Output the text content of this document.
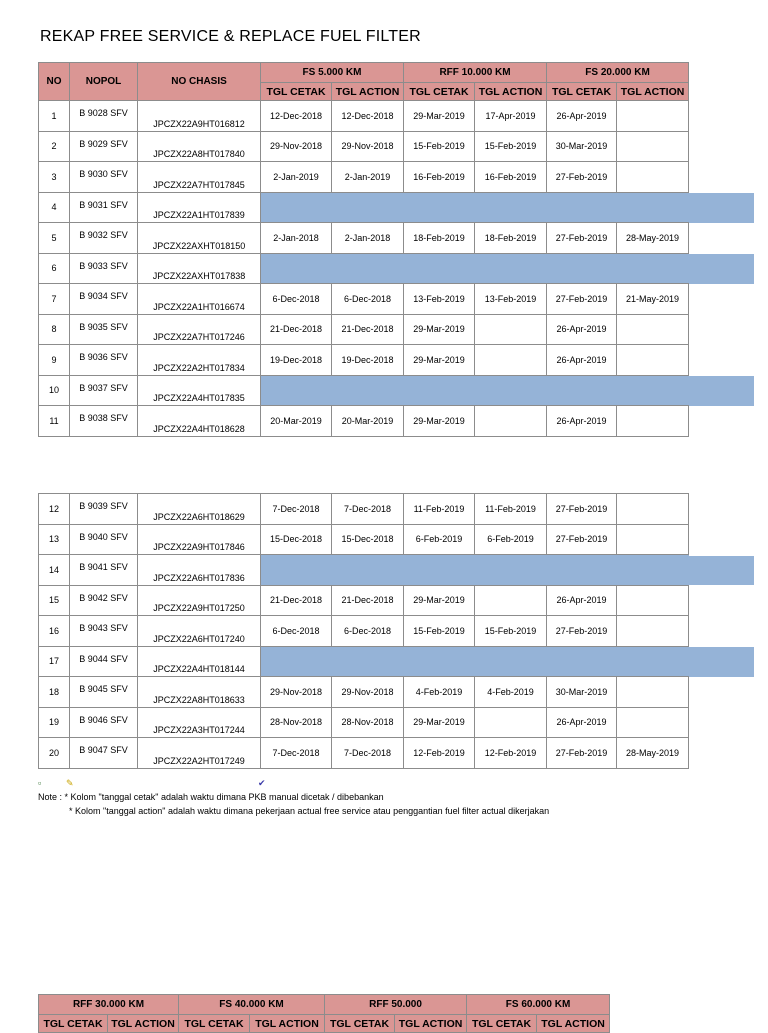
REKAP FREE SERVICE & REPLACE FUEL FILTER
NO	NOPOL	NO CHASIS	FS 5.000 KM		RFF 10.000 KM		FS 20.000 KM	
			TGL CETAK	TGL ACTION	TGL CETAK	TGL ACTION	TGL CETAK	TGL ACTION
1	B 9028 SFV	JPCZX22A9HT016812	12-Dec-2018	12-Dec-2018	29-Mar-2019	17-Apr-2019	26-Apr-2019	
2	B 9029 SFV	JPCZX22A8HT017840	29-Nov-2018	29-Nov-2018	15-Feb-2019	15-Feb-2019	30-Mar-2019	
3	B 9030 SFV	JPCZX22A7HT017845	2-Jan-2019	2-Jan-2019	16-Feb-2019	16-Feb-2019	27-Feb-2019	
4	B 9031 SFV	JPCZX22A1HT017839						
5	B 9032 SFV	JPCZX22AXHT018150	2-Jan-2018	2-Jan-2018	18-Feb-2019	18-Feb-2019	27-Feb-2019	28-May-2019
6	B 9033 SFV	JPCZX22AXHT017838						
7	B 9034 SFV	JPCZX22A1HT016674	6-Dec-2018	6-Dec-2018	13-Feb-2019	13-Feb-2019	27-Feb-2019	21-May-2019
8	B 9035 SFV	JPCZX22A7HT017246	21-Dec-2018	21-Dec-2018	29-Mar-2019		26-Apr-2019	
9	B 9036 SFV	JPCZX22A2HT017834	19-Dec-2018	19-Dec-2018	29-Mar-2019		26-Apr-2019	
10	B 9037 SFV	JPCZX22A4HT017835						
11	B 9038 SFV	JPCZX22A4HT018628	20-Mar-2019	20-Mar-2019	29-Mar-2019		26-Apr-2019	
12	B 9039 SFV	JPCZX22A6HT018629	7-Dec-2018	7-Dec-2018	11-Feb-2019	11-Feb-2019	27-Feb-2019	
13	B 9040 SFV	JPCZX22A9HT017846	15-Dec-2018	15-Dec-2018	6-Feb-2019	6-Feb-2019	27-Feb-2019	
14	B 9041 SFV	JPCZX22A6HT017836						
15	B 9042 SFV	JPCZX22A9HT017250	21-Dec-2018	21-Dec-2018	29-Mar-2019		26-Apr-2019	
16	B 9043 SFV	JPCZX22A6HT017240	6-Dec-2018	6-Dec-2018	15-Feb-2019	15-Feb-2019	27-Feb-2019	
17	B 9044 SFV	JPCZX22A4HT018144						
18	B 9045 SFV	JPCZX22A8HT018633	29-Nov-2018	29-Nov-2018	4-Feb-2019	4-Feb-2019	30-Mar-2019	
19	B 9046 SFV	JPCZX22A3HT017244	28-Nov-2018	28-Nov-2018	29-Mar-2019		26-Apr-2019	
20	B 9047 SFV	JPCZX22A2HT017249	7-Dec-2018	7-Dec-2018	12-Feb-2019	12-Feb-2019	27-Feb-2019	28-May-2019
▫	✎	✔
Note : * Kolom "tanggal cetak" adalah waktu dimana PKB manual dicetak / dibebankan
* Kolom "tanggal action" adalah waktu dimana pekerjaan actual free service atau penggantian fuel filter actual dikerjakan
RFF 30.000 KM		FS 40.000 KM		RFF 50.000		FS 60.000 KM	
TGL CETAK	TGL ACTION	TGL CETAK	TGL ACTION	TGL CETAK	TGL ACTION	TGL CETAK	TGL ACTION
